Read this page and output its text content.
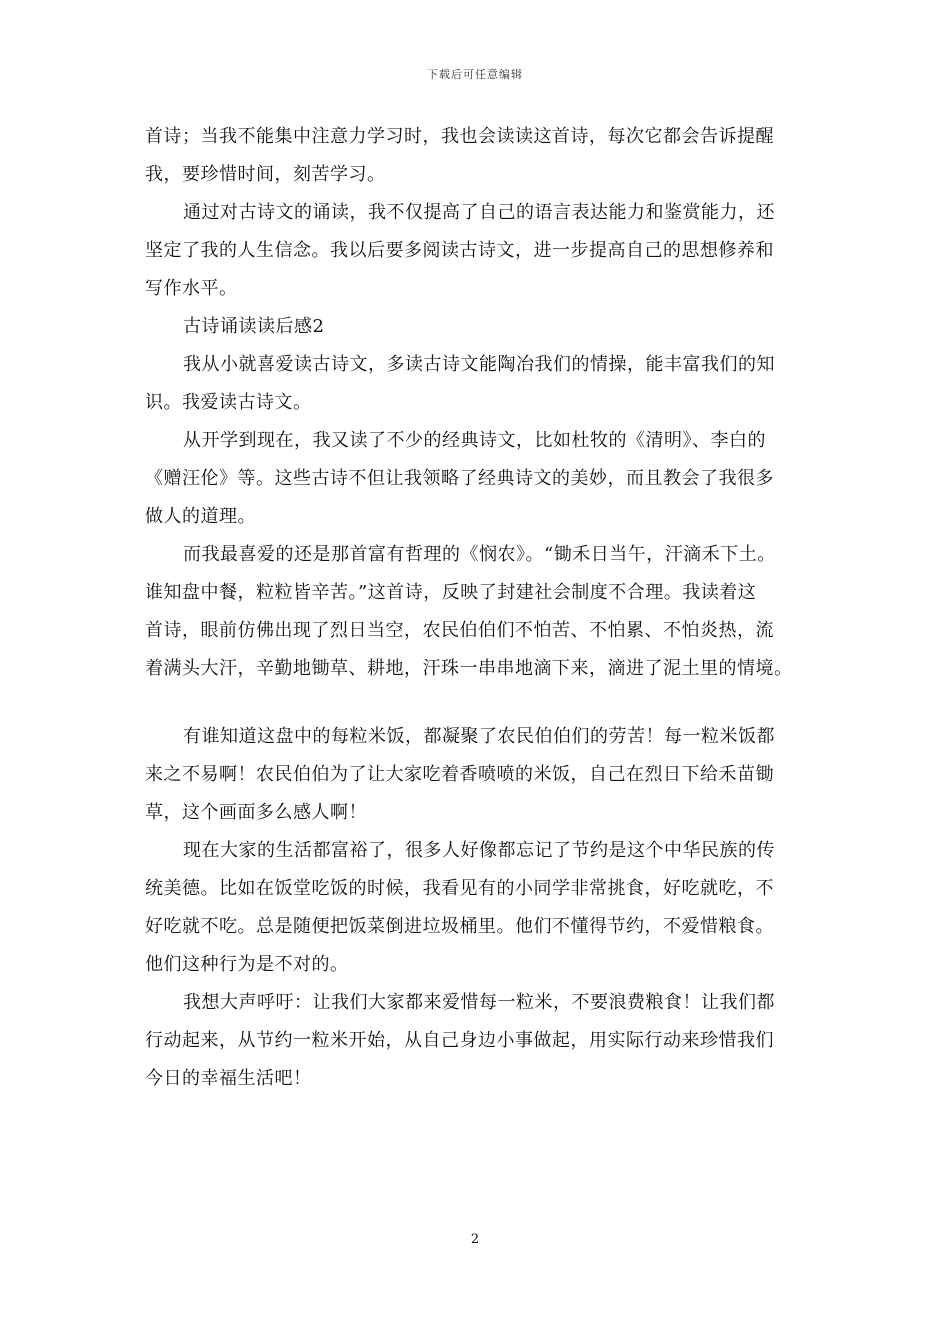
下载后可任意编辑
首诗；当我不能集中注意力学习时，我也会读读这首诗，每次它都会告诉提醒
我，要珍惜时间，刻苦学习。
通过对古诗文的诵读，我不仅提高了自己的语言表达能力和鉴赏能力，还
坚定了我的人生信念。我以后要多阅读古诗文，进一步提高自己的思想修养和
写作水平。
古诗诵读读后感2
我从小就喜爱读古诗文，多读古诗文能陶冶我们的情操，能丰富我们的知
识。我爱读古诗文。
从开学到现在，我又读了不少的经典诗文，比如杜牧的《清明》、李白的
《赠汪伦》等。这些古诗不但让我领略了经典诗文的美妙，而且教会了我很多
做人的道理。
而我最喜爱的还是那首富有哲理的《悯农》。“锄禾日当午，汗滴禾下土。
谁知盘中餐，粒粒皆辛苦。”这首诗，反映了封建社会制度不合理。我读着这
首诗，眼前仿佛出现了烈日当空，农民伯伯们不怕苦、不怕累、不怕炎热，流
着满头大汗，辛勤地锄草、耕地，汗珠一串串地滴下来，滴进了泥土里的情境。
有谁知道这盘中的每粒米饭，都凝聚了农民伯伯们的劳苦！每一粒米饭都
来之不易啊！农民伯伯为了让大家吃着香喷喷的米饭，自己在烈日下给禾苗锄
草，这个画面多么感人啊！
现在大家的生活都富裕了，很多人好像都忘记了节约是这个中华民族的传
统美德。比如在饭堂吃饭的时候，我看见有的小同学非常挑食，好吃就吃，不
好吃就不吃。总是随便把饭菜倒进垃圾桶里。他们不懂得节约，不爱惜粮食。
他们这种行为是不对的。
我想大声呼吁：让我们大家都来爱惜每一粒米，不要浪费粮食！让我们都
行动起来，从节约一粒米开始，从自己身边小事做起，用实际行动来珍惜我们
今日的幸福生活吧！
2
